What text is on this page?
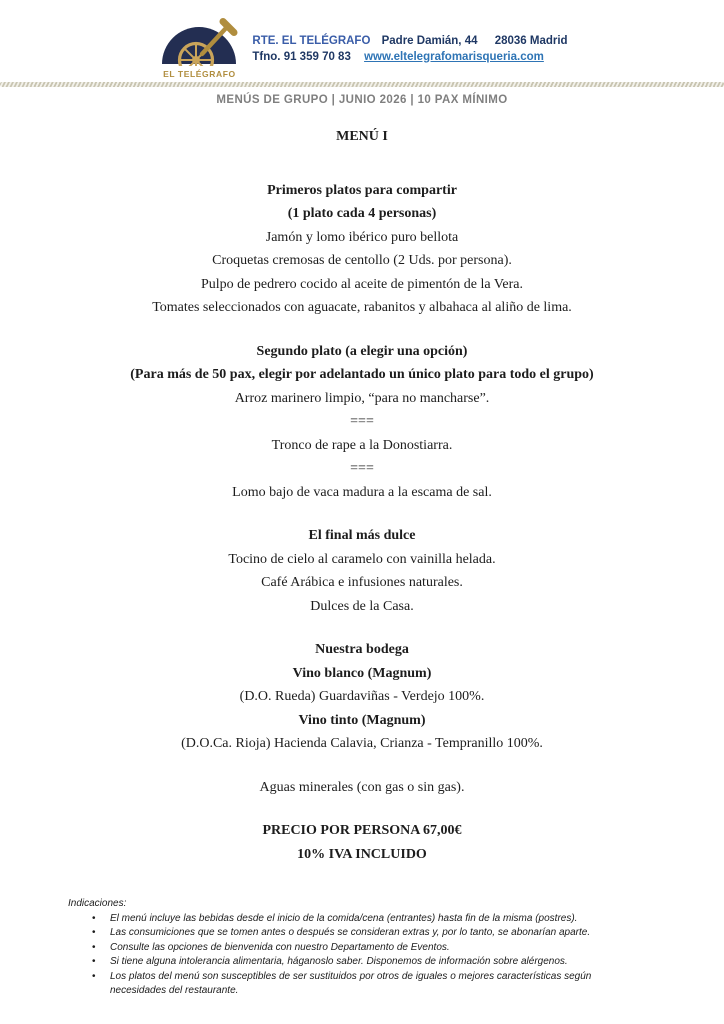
EL TELÉGRAFO
RTE. EL TELÉGRAFO Padre Damián, 44 28036 Madrid
Tfno. 91 359 70 83 www.eltelegrafomarisqueria.com
MENÚS DE GRUPO | JUNIO 2026 | 10 PAX MÍNIMO
MENÚ I
Primeros platos para compartir
(1 plato cada 4 personas)
Jamón y lomo ibérico puro bellota
Croquetas cremosas de centollo (2 Uds. por persona).
Pulpo de pedrero cocido al aceite de pimentón de la Vera.
Tomates seleccionados con aguacate, rabanitos y albahaca al aliño de lima.
Segundo plato (a elegir una opción)
(Para más de 50 pax, elegir por adelantado un único plato para todo el grupo)
Arroz marinero limpio, “para no mancharse”.
===
Tronco de rape a la Donostiarra.
===
Lomo bajo de vaca madura a la escama de sal.
El final más dulce
Tocino de cielo al caramelo con vainilla helada.
Café Arábica e infusiones naturales.
Dulces de la Casa.
Nuestra bodega
Vino blanco (Magnum)
(D.O. Rueda) Guardaviñas - Verdejo 100%.
Vino tinto (Magnum)
(D.O.Ca. Rioja) Hacienda Calavia, Crianza - Tempranillo 100%.
Aguas minerales (con gas o sin gas).
PRECIO POR PERSONA 67,00€
10% IVA INCLUIDO
Indicaciones:
• El menú incluye las bebidas desde el inicio de la comida/cena (entrantes) hasta fin de la misma (postres).
• Las consumiciones que se tomen antes o después se consideran extras y, por lo tanto, se abonarían aparte.
• Consulte las opciones de bienvenida con nuestro Departamento de Eventos.
• Si tiene alguna intolerancia alimentaria, háganoslo saber. Disponemos de información sobre alérgenos.
• Los platos del menú son susceptibles de ser sustituidos por otros de iguales o mejores características según necesidades del restaurante.
